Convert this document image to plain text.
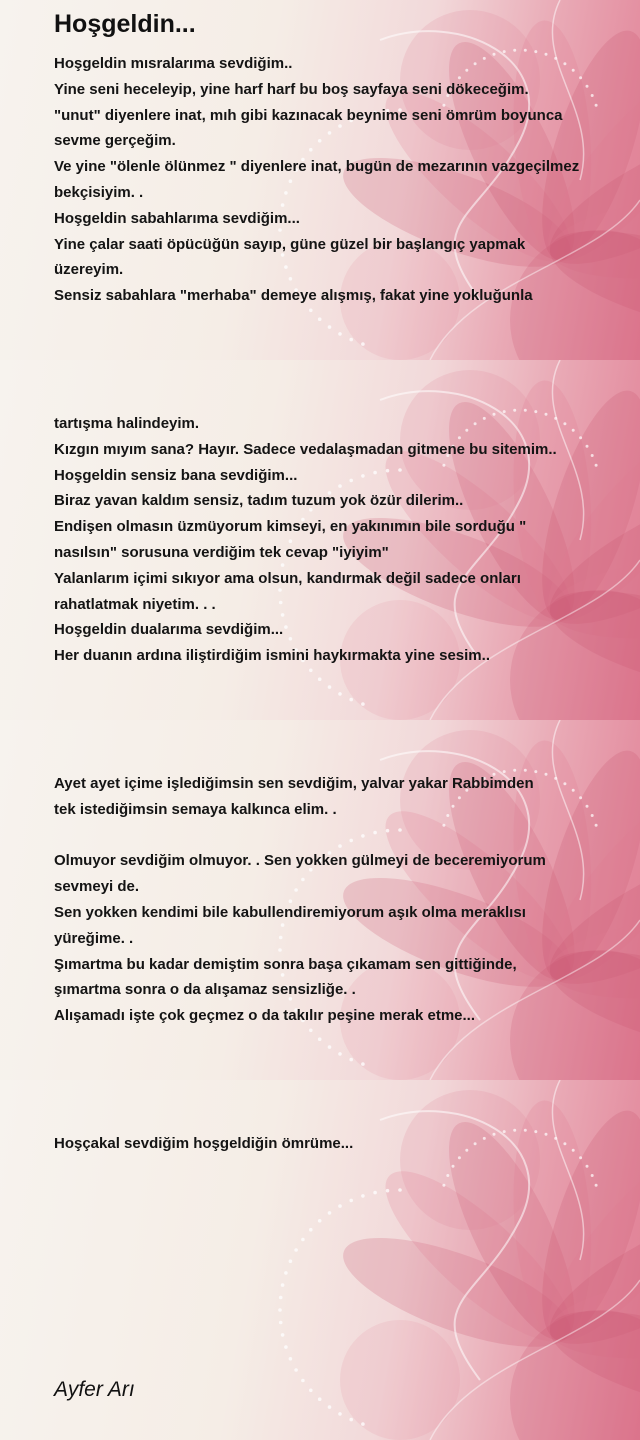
Hoşgeldin...
Hoşgeldin mısralarıma sevdiğim..
Yine seni heceleyip, yine harf harf bu boş sayfaya seni dökeceğim.
"unut" diyenlere inat, mıh gibi kazınacak beynime seni ömrüm boyunca
sevme gerçeğim.
Ve yine "ölenle ölünmez " diyenlere inat, bugün de mezarının vazgeçilmez
bekçisiyim. .
Hoşgeldin sabahlarıma sevdiğim...
Yine çalar saati öpücüğün sayıp, güne güzel bir başlangıç yapmak
üzereyim.
Sensiz sabahlara "merhaba" demeye alışmış, fakat yine yokluğunla
tartışma halindeyim.
Kızgın mıyım sana? Hayır. Sadece vedalaşmadan gitmene bu sitemim..
Hoşgeldin sensiz bana sevdiğim...
Biraz yavan kaldım sensiz, tadım tuzum yok özür dilerim..
Endişen olmasın üzmüyorum kimseyi, en yakınımın bile sorduğu "
nasılsın" sorusuna verdiğim tek cevap "iyiyim"
Yalanlarım içimi sıkıyor ama olsun, kandırmak değil sadece onları
rahatlatmak niyetim. . .
Hoşgeldin dualarıma sevdiğim...
Her duanın ardına iliştirdiğim ismini haykırmakta yine sesim..
Ayet ayet içime işlediğimsin sen sevdiğim, yalvar yakar Rabbimden
tek istediğimsin semaya kalkınca elim. .

Olmuyor sevdiğim olmuyor. . Sen yokken gülmeyi de beceremiyorum
sevmeyi de.
Sen yokken kendimi bile kabullendiremiyorum aşık olma meraklısı
yüreğime. .
Şımartma bu kadar demiştim sonra başa çıkamam sen gittiğinde,
şımartma sonra o da alışamaz sensizliğe. .
Alışamadı işte çok geçmez o da takılır peşine merak etme...
Hoşçakal sevdiğim hoşgeldiğin ömrüme...
Ayfer Arı
